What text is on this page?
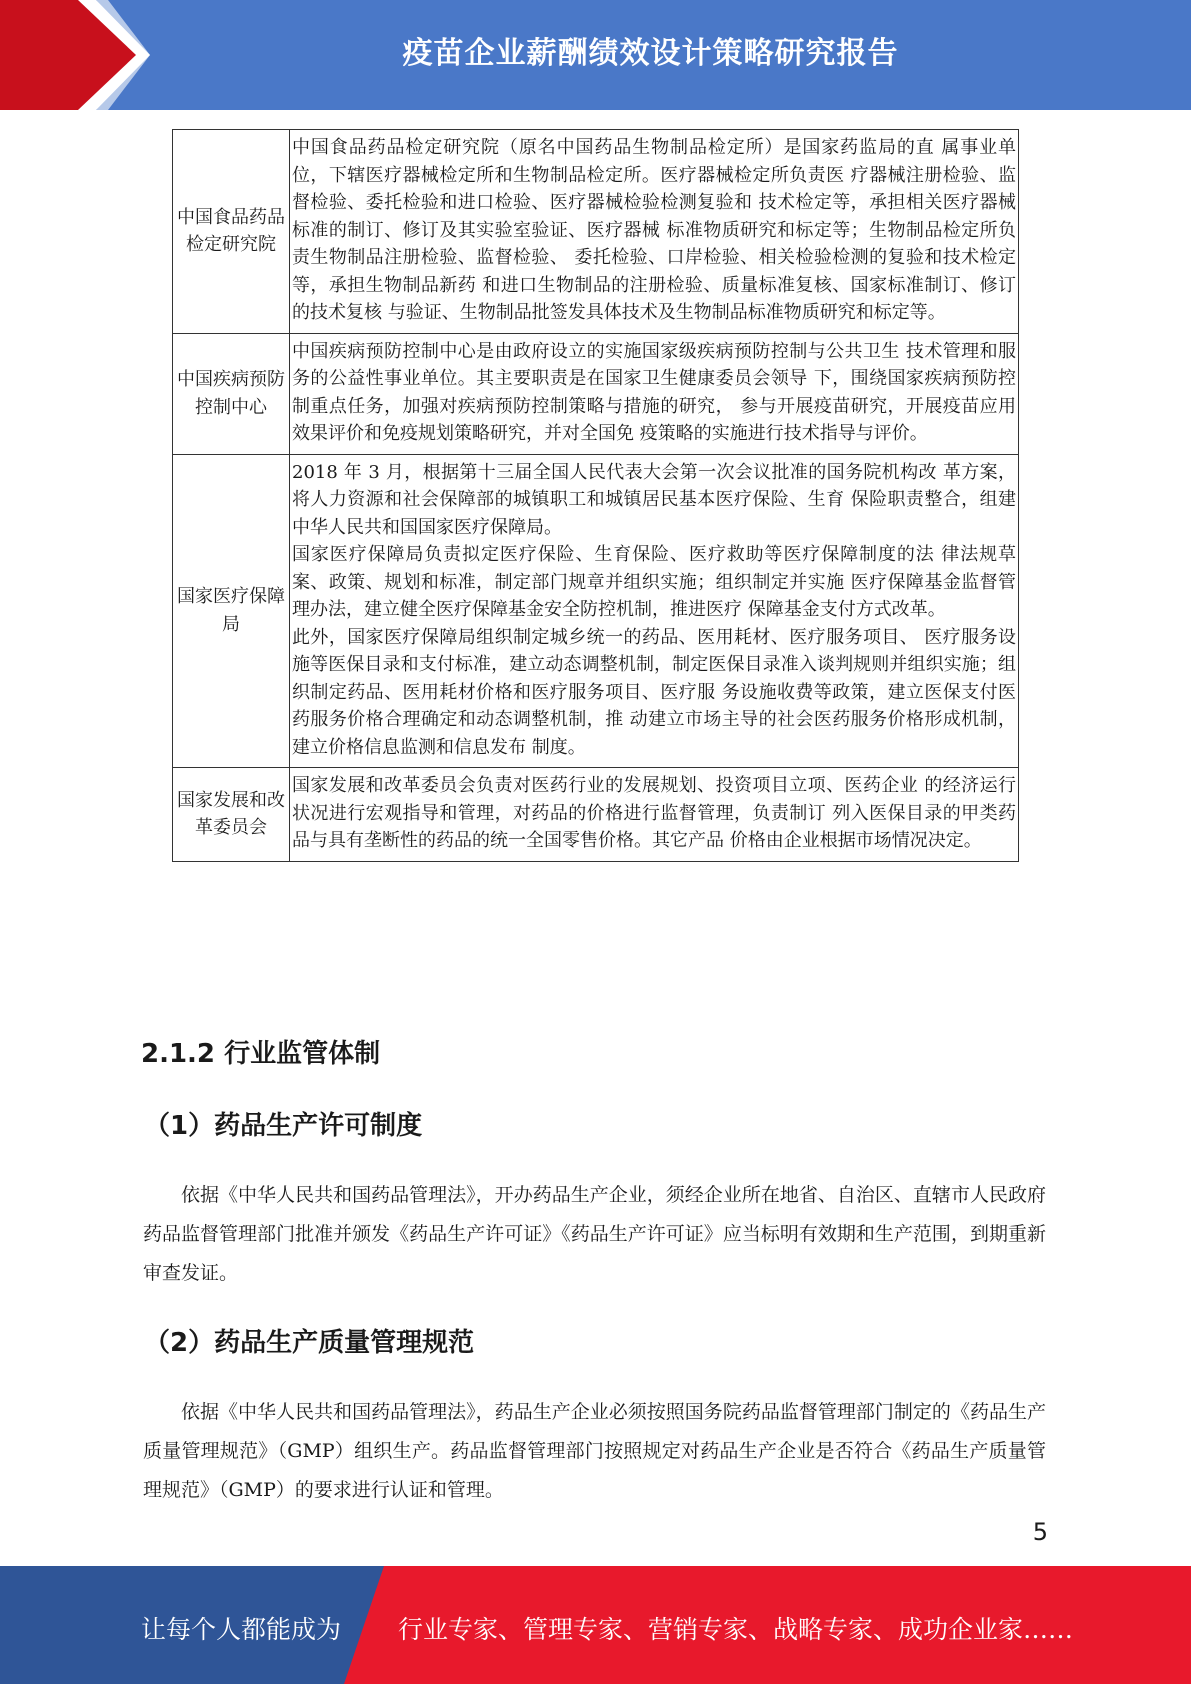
疫苗企业薪酬绩效设计策略研究报告
中国食品药品检定研究院	中国食品药品检定研究院（原名中国药品生物制品检定所）是国家药监局的直 属事业单位，下辖医疗器械检定所和生物制品检定所。医疗器械检定所负责医 疗器械注册检验、监督检验、委托检验和进口检验、医疗器械检验检测复验和 技术检定等，承担相关医疗器械标准的制订、修订及其实验室验证、医疗器械 标准物质研究和标定等；生物制品检定所负责生物制品注册检验、监督检验、 委托检验、口岸检验、相关检验检测的复验和技术检定等，承担生物制品新药 和进口生物制品的注册检验、质量标准复核、国家标准制订、修订的技术复核 与验证、生物制品批签发具体技术及生物制品标准物质研究和标定等。

中国疾病预防控制中心	中国疾病预防控制中心是由政府设立的实施国家级疾病预防控制与公共卫生 技术管理和服务的公益性事业单位。其主要职责是在国家卫生健康委员会领导 下，围绕国家疾病预防控制重点任务，加强对疾病预防控制策略与措施的研究， 参与开展疫苗研究，开展疫苗应用效果评价和免疫规划策略研究，并对全国免 疫策略的实施进行技术指导与评价。

国家医疗保障局	2018 年 3 月，根据第十三届全国人民代表大会第一次会议批准的国务院机构改 革方案，将人力资源和社会保障部的城镇职工和城镇居民基本医疗保险、生育 保险职责整合，组建中华人民共和国国家医疗保障局。

国家医疗保障局负责拟定医疗保险、生育保险、医疗救助等医疗保障制度的法 律法规草案、政策、规划和标准，制定部门规章并组织实施；组织制定并实施 医疗保障基金监督管理办法，建立健全医疗保障基金安全防控机制，推进医疗 保障基金支付方式改革。

此外，国家医疗保障局组织制定城乡统一的药品、医用耗材、医疗服务项目、 医疗服务设施等医保目录和支付标准，建立动态调整机制，制定医保目录准入谈判规则并组织实施；组织制定药品、医用耗材价格和医疗服务项目、医疗服 务设施收费等政策，建立医保支付医药服务价格合理确定和动态调整机制，推 动建立市场主导的社会医药服务价格形成机制，建立价格信息监测和信息发布 制度。

国家发展和改革委员会	国家发展和改革委员会负责对医药行业的发展规划、投资项目立项、医药企业 的经济运行状况进行宏观指导和管理，对药品的价格进行监督管理，负责制订 列入医保目录的甲类药品与具有垄断性的药品的统一全国零售价格。其它产品 价格由企业根据市场情况决定。

2.1.2 行业监管体制
（1）药品生产许可制度

依据《中华人民共和国药品管理法》，开办药品生产企业，须经企业所在地省、自治区、直辖市人民政府药品监督管理部门批准并颁发《药品生产许可证》《药品生产许可证》应当标明有效期和生产范围，到期重新审查发证。

（2）药品生产质量管理规范

依据《中华人民共和国药品管理法》，药品生产企业必须按照国务院药品监督管理部门制定的《药品生产质量管理规范》（GMP）组织生产。药品监督管理部门按照规定对药品生产企业是否符合《药品生产质量管理规范》（GMP）的要求进行认证和管理。

5
让每个人都能成为 行业专家、管理专家、营销专家、战略专家、成功企业家……
